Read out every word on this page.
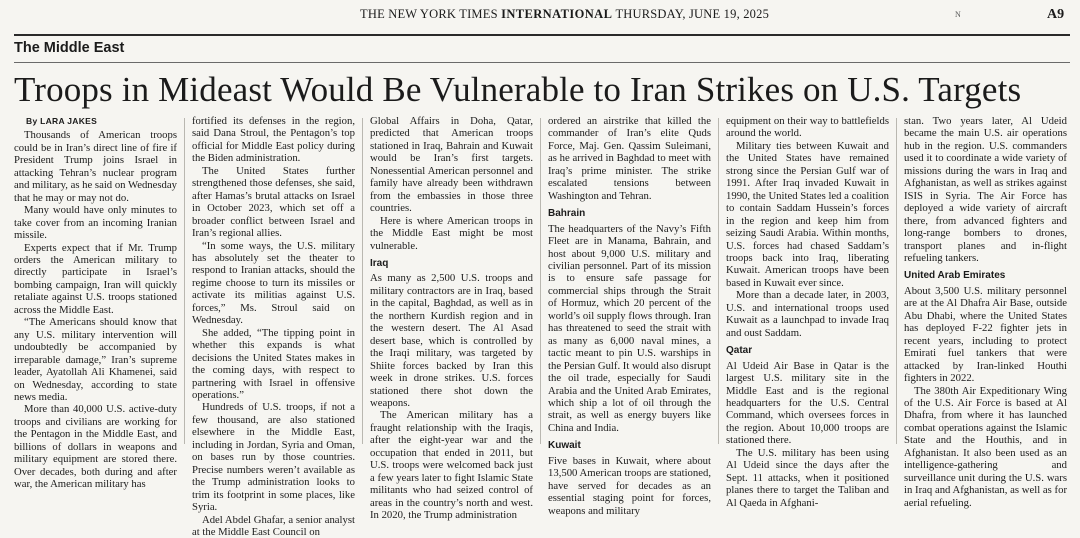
THE NEW YORK TIMES INTERNATIONAL THURSDAY, JUNE 19, 2025	N	A9
The Middle East
Troops in Mideast Would Be Vulnerable to Iran Strikes on U.S. Targets

By LARA JAKES

Thousands of American troops could be in Iran’s direct line of fire if President Trump joins Israel in attacking Tehran’s nuclear program and military, as he said on Wednesday that he may or may not do.

Many would have only minutes to take cover from an incoming Iranian missile.

Experts expect that if Mr. Trump orders the American military to directly participate in Israel’s bombing campaign, Iran will quickly retaliate against U.S. troops stationed across the Middle East.

“The Americans should know that any U.S. military intervention will undoubtedly be accompanied by irreparable damage,” Iran’s supreme leader, Ayatollah Ali Khamenei, said on Wednesday, according to state news media.

More than 40,000 U.S. active-duty troops and civilians are working for the Pentagon in the Middle East, and billions of dollars in weapons and military equipment are stored there. Over decades, both during and after war, the American military has

fortified its defenses in the region, said Dana Stroul, the Pentagon’s top official for Middle East policy during the Biden administration.

The United States further strengthened those defenses, she said, after Hamas’s brutal attacks on Israel in October 2023, which set off a broader conflict between Israel and Iran’s regional allies.

“In some ways, the U.S. military has absolutely set the theater to respond to Iranian attacks, should the regime choose to turn its missiles or activate its militias against U.S. forces,” Ms. Stroul said on Wednesday.

She added, “The tipping point in whether this expands is what decisions the United States makes in the coming days, with respect to partnering with Israel in offensive operations.”

Hundreds of U.S. troops, if not a few thousand, are also stationed elsewhere in the Middle East, including in Jordan, Syria and Oman, on bases run by those countries. Precise numbers weren’t available as the Trump administration looks to trim its footprint in some places, like Syria.

Adel Abdel Ghafar, a senior analyst at the Middle East Council on

Global Affairs in Doha, Qatar, predicted that American troops stationed in Iraq, Bahrain and Kuwait would be Iran’s first targets. Nonessential American personnel and family have already been withdrawn from the embassies in those three countries.

Here is where American troops in the Middle East might be most vulnerable.

Iraq

As many as 2,500 U.S. troops and military contractors are in Iraq, based in the capital, Baghdad, as well as in the northern Kurdish region and in the western desert. The Al Asad desert base, which is controlled by the Iraqi military, was targeted by Shiite forces backed by Iran this week in drone strikes. U.S. forces stationed there shot down the weapons.

The American military has a fraught relationship with the Iraqis, after the eight-year war and the occupation that ended in 2011, but U.S. troops were welcomed back just a few years later to fight Islamic State militants who had seized control of areas in the country’s north and west. In 2020, the Trump administration

ordered an airstrike that killed the commander of Iran’s elite Quds Force, Maj. Gen. Qassim Suleimani, as he arrived in Baghdad to meet with Iraq’s prime minister. The strike escalated tensions between Washington and Tehran.

Bahrain

The headquarters of the Navy’s Fifth Fleet are in Manama, Bahrain, and host about 9,000 U.S. military and civilian personnel. Part of its mission is to ensure safe passage for commercial ships through the Strait of Hormuz, which 20 percent of the world’s oil supply flows through. Iran has threatened to seed the strait with as many as 6,000 naval mines, a tactic meant to pin U.S. warships in the Persian Gulf. It would also disrupt the oil trade, especially for Saudi Arabia and the United Arab Emirates, which ship a lot of oil through the strait, as well as energy buyers like China and India.

Kuwait

Five bases in Kuwait, where about 13,500 American troops are stationed, have served for decades as an essential staging point for forces, weapons and military

equipment on their way to battlefields around the world.

Military ties between Kuwait and the United States have remained strong since the Persian Gulf war of 1991. After Iraq invaded Kuwait in 1990, the United States led a coalition to contain Saddam Hussein’s forces in the region and keep him from seizing Saudi Arabia. Within months, U.S. forces had chased Saddam’s troops back into Iraq, liberating Kuwait. American troops have been based in Kuwait ever since.

More than a decade later, in 2003, U.S. and international troops used Kuwait as a launchpad to invade Iraq and oust Saddam.

Qatar

Al Udeid Air Base in Qatar is the largest U.S. military site in the Middle East and is the regional headquarters for the U.S. Central Command, which oversees forces in the region. About 10,000 troops are stationed there.

The U.S. military has been using Al Udeid since the days after the Sept. 11 attacks, when it positioned planes there to target the Taliban and Al Qaeda in Afghani-

stan. Two years later, Al Udeid became the main U.S. air operations hub in the region. U.S. commanders used it to coordinate a wide variety of missions during the wars in Iraq and Afghanistan, as well as strikes against ISIS in Syria. The Air Force has deployed a wide variety of aircraft there, from advanced fighters and long-range bombers to drones, transport planes and in-flight refueling tankers.

United Arab Emirates

About 3,500 U.S. military personnel are at the Al Dhafra Air Base, outside Abu Dhabi, where the United States has deployed F-22 fighter jets in recent years, including to protect Emirati fuel tankers that were attacked by Iran-linked Houthi fighters in 2022.

The 380th Air Expeditionary Wing of the U.S. Air Force is based at Al Dhafra, from where it has launched combat operations against the Islamic State and the Houthis, and in Afghanistan. It also been used as an intelligence-gathering and surveillance unit during the U.S. wars in Iraq and Afghanistan, as well as for aerial refueling.
